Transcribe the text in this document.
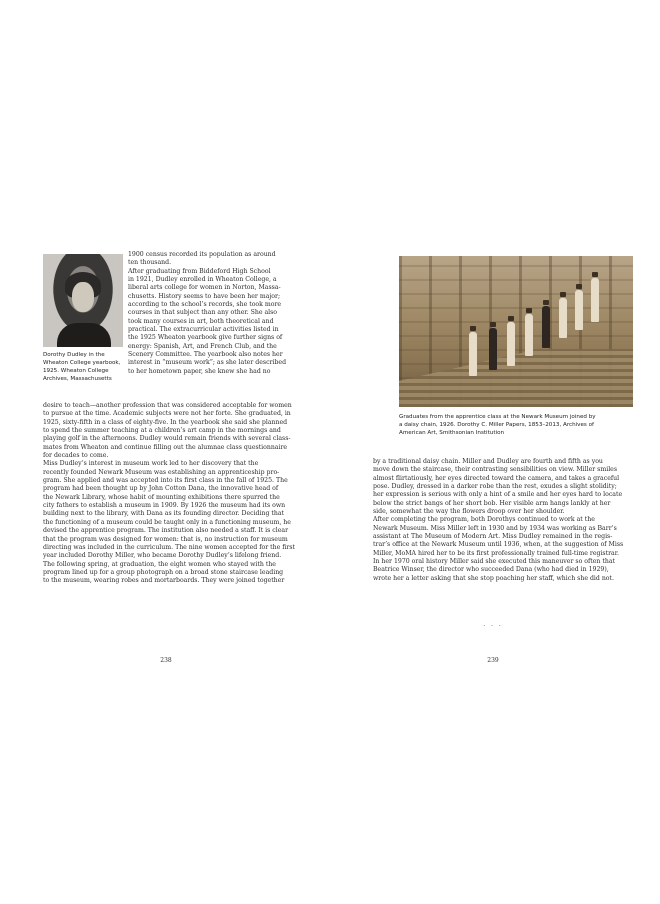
Dorothy Dudley in the
Wheaton College yearbook,
1925. Wheaton College
Archives, Massachusetts
1900 census recorded its population as around
ten thousand.
After graduating from Biddeford High School
in 1921, Dudley enrolled in Wheaton College, a
liberal arts college for women in Norton, Massa-
chusetts. History seems to have been her major;
according to the school’s records, she took more
courses in that subject than any other. She also
took many courses in art, both theoretical and
practical. The extracurricular activities listed in
the 1925 Wheaton yearbook give further signs of
energy: Spanish, Art, and French Club, and the
Scenery Committee. The yearbook also notes her
interest in “museum work”; as she later described
to her hometown paper, she knew she had no
desire to teach—another profession that was considered acceptable for women
to pursue at the time. Academic subjects were not her forte. She graduated, in
1925, sixty-fifth in a class of eighty-five. In the yearbook she said she planned
to spend the summer teaching at a children’s art camp in the mornings and
playing golf in the afternoons. Dudley would remain friends with several class-
mates from Wheaton and continue filling out the alumnae class questionnaire
for decades to come.
Miss Dudley’s interest in museum work led to her discovery that the
recently founded Newark Museum was establishing an apprenticeship pro-
gram. She applied and was accepted into its first class in the fall of 1925. The
program had been thought up by John Cotton Dana, the innovative head of
the Newark Library, whose habit of mounting exhibitions there spurred the
city fathers to establish a museum in 1909. By 1926 the museum had its own
building next to the library, with Dana as its founding director. Deciding that
the functioning of a museum could be taught only in a functioning museum, he
devised the apprentice program. The institution also needed a staff. It is clear
that the program was designed for women: that is, no instruction for museum
directing was included in the curriculum. The nine women accepted for the first
year included Dorothy Miller, who became Dorothy Dudley’s lifelong friend.
The following spring, at graduation, the eight women who stayed with the
program lined up for a group photograph on a broad stone staircase leading
to the museum, wearing robes and mortarboards. They were joined together
238
Graduates from the apprentice class at the Newark Museum joined by
a daisy chain, 1926. Dorothy C. Miller Papers, 1853–2013, Archives of
American Art, Smithsonian Institution
by a traditional daisy chain. Miller and Dudley are fourth and fifth as you
move down the staircase, their contrasting sensibilities on view. Miller smiles
almost flirtatiously, her eyes directed toward the camera, and takes a graceful
pose. Dudley, dressed in a darker robe than the rest, exudes a slight stolidity;
her expression is serious with only a hint of a smile and her eyes hard to locate
below the strict bangs of her short bob. Her visible arm hangs lankly at her
side, somewhat the way the flowers droop over her shoulder.
After completing the program, both Dorothys continued to work at the
Newark Museum. Miss Miller left in 1930 and by 1934 was working as Barr’s
assistant at The Museum of Modern Art. Miss Dudley remained in the regis-
trar’s office at the Newark Museum until 1936, when, at the suggestion of Miss
Miller, MoMA hired her to be its first professionally trained full-time registrar.
In her 1970 oral history Miller said she executed this maneuver so often that
Beatrice Winser, the director who succeeded Dana (who had died in 1929),
wrote her a letter asking that she stop poaching her staff, which she did not.
· · ·
239
